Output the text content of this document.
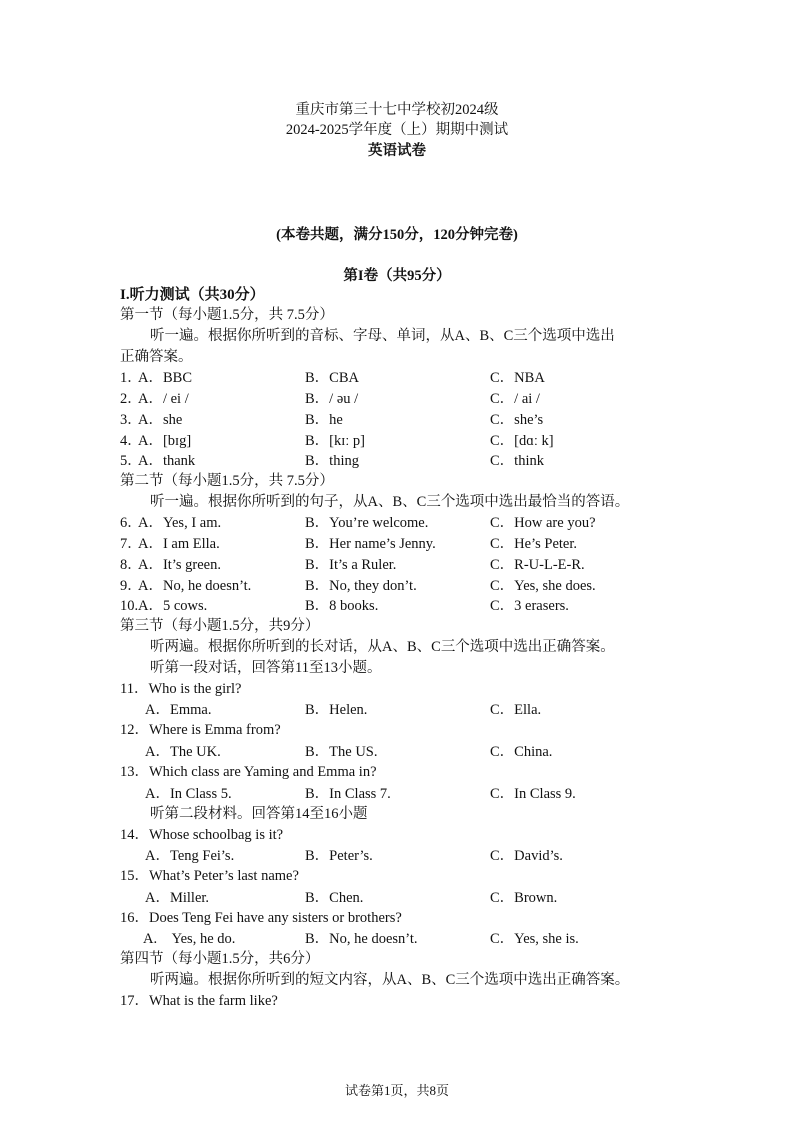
重庆市第三十七中学校初2024级
2024-2025学年度（上）期期中测试
英语试卷
(本卷共题，满分150分，120分钟完卷)
第I卷（共95分）
I.听力测试（共30分）
第一节（每小题1.5分，共 7.5分）
听一遍。根据你所听到的音标、字母、单词，从A、B、C三个选项中选出
正确答案。
1．
A．BBC	B．CBA	C．NBA
2．
A．/ ei /	B．/ əu /	C．/ ai /
3．
A．she	B．he	C．she’s
4．
A．[bɪg]	B．[kɪː p]	C．[dɑː k]
5．
A．thank	B．thing	C．think
第二节（每小题1.5分，共 7.5分）
听一遍。根据你所听到的句子，从A、B、C三个选项中选出最恰当的答语。
6．
A．Yes, I am.	B．You’re welcome.	C．How are you?
7．
A．I am Ella.	B．Her name’s Jenny.	C．He’s Peter.
8．
A．It’s green.	B．It’s a Ruler.	C．R-U-L-E-R.
9．
A．No, he doesn’t.	B．No, they don’t.	C．Yes, she does.
10. A．5 cows.	B．8 books.	C．3 erasers.
第三节（每小题1.5分，共9分）
听两遍。根据你所听到的长对话，从A、B、C三个选项中选出正确答案。
听第一段对话，回答第11至13小题。
11．Who is the girl?
A．Emma.	B．Helen.	C．Ella.
12．Where is Emma from?
A．The UK.	B．The US.	C．China.
13．Which class are Yaming and Emma in?
A．In Class 5.	B．In Class 7.	C．In Class 9.
听第二段材料。回答第14至16小题
14．Whose schoolbag is it?
A．Teng Fei’s.	B．Peter’s.	C．David’s.
15．What’s Peter’s last name?
A．Miller.	B．Chen.	C．Brown.
16．Does Teng Fei have any sisters or brothers?
A.　Yes, he do.	B．No, he doesn’t.	C．Yes, she is.
第四节（每小题1.5分，共6分）
听两遍。根据你所听到的短文内容，从A、B、C三个选项中选出正确答案。
17．What is the farm like?
试卷第1页，共8页
